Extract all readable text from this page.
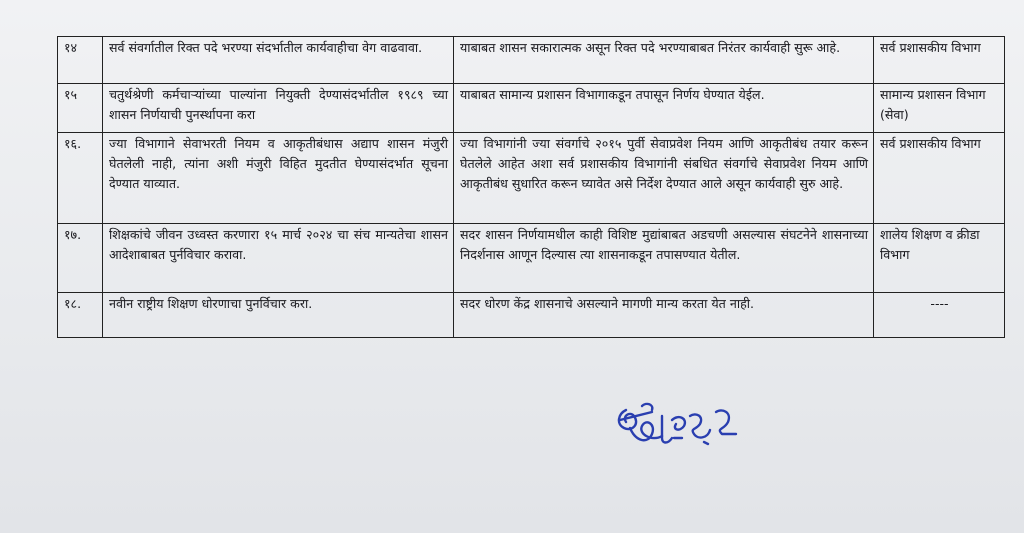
१४	सर्व संवर्गातील रिक्त पदे भरण्या संदर्भातील कार्यवाहीचा वेग वाढवावा.	याबाबत शासन सकारात्मक असून रिक्त पदे भरण्याबाबत निरंतर कार्यवाही सुरू आहे.	सर्व प्रशासकीय विभाग
१५	चतुर्थश्रेणी कर्मचाऱ्यांच्या पाल्यांना नियुक्ती देण्यासंदर्भातील १९८९ च्या शासन निर्णयाची पुनर्स्थापना करा	याबाबत सामान्य प्रशासन विभागाकडून तपासून निर्णय घेण्यात येईल.	सामान्य प्रशासन विभाग (सेवा)
१६.	ज्या विभागाने सेवाभरती नियम व आकृतीबंधास अद्याप शासन मंजुरी घेतलेली नाही, त्यांना अशी मंजुरी विहित मुदतीत घेण्यासंदर्भात सूचना देण्यात याव्यात.	ज्या विभागांनी ज्या संवर्गाचे २०१५ पुर्वी सेवाप्रवेश नियम आणि आकृतीबंध तयार करून घेतलेले आहेत अशा सर्व प्रशासकीय विभागांनी संबधित संवर्गाचे सेवाप्रवेश नियम आणि आकृतीबंध सुधारित करून घ्यावेत असे निर्देश देण्यात आले असून कार्यवाही सुरु आहे.	सर्व प्रशासकीय विभाग
१७.	शिक्षकांचे जीवन उध्वस्त करणारा १५ मार्च २०२४ चा संच मान्यतेचा शासन आदेशाबाबत पुर्नविचार करावा.	सदर शासन निर्णयामधील काही विशिष्ट मुद्यांबाबत अडचणी असल्यास संघटनेने शासनाच्या निदर्शनास आणून दिल्यास त्या शासनाकडून तपासण्यात येतील.	शालेय शिक्षण व क्रीडा विभाग
१८.	नवीन राष्ट्रीय शिक्षण धोरणाचा पुनर्विचार करा.	सदर धोरण केंद्र शासनाचे असल्याने मागणी मान्य करता येत नाही.	----
